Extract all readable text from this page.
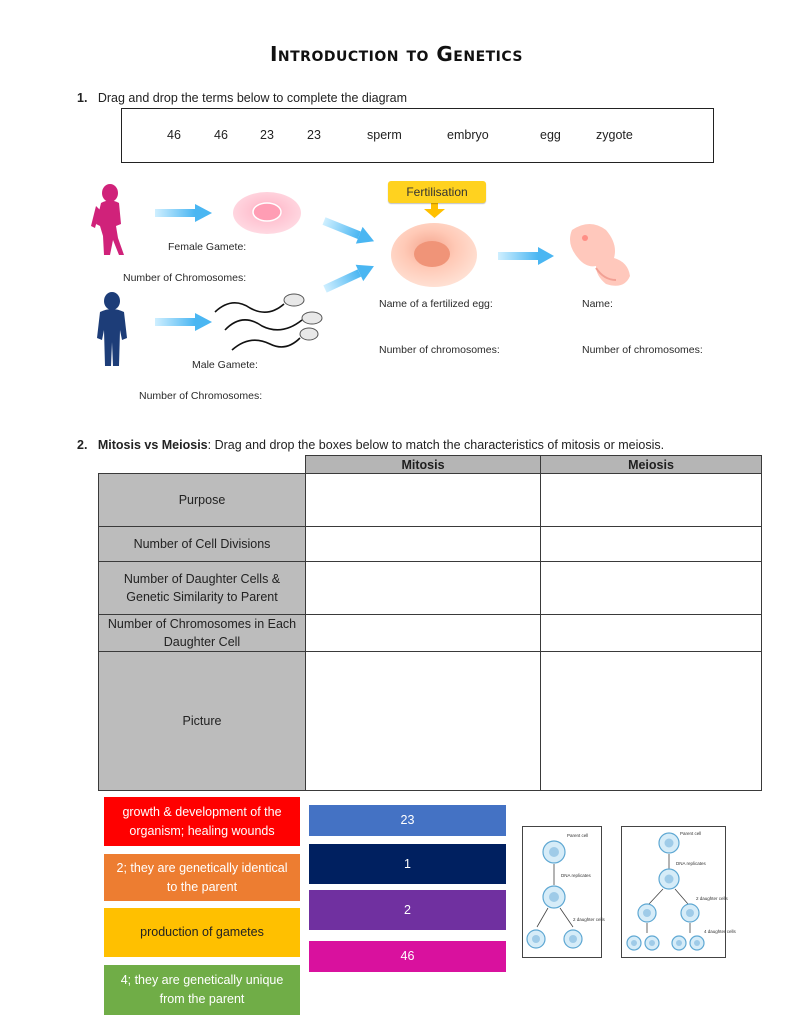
Introduction to Genetics
1. Drag and drop the terms below to complete the diagram
46	46	23	23	sperm	embryo	egg	zygote
Fertilisation
Female Gamete:
Number of Chromosomes:
Male Gamete:
Number of Chromosomes:
Name of a fertilized egg:
Number of chromosomes:
Name:
Number of chromosomes:
2. Mitosis vs Meiosis: Drag and drop the boxes below to match the characteristics of mitosis or meiosis.
	Mitosis	Meiosis
Purpose		
Number of Cell Divisions		
Number of Daughter Cells & Genetic Similarity to Parent		
Number of Chromosomes in Each Daughter Cell		
Picture		
growth & development of the organism; healing wounds
2; they are genetically identical to the parent
production of gametes
4; they are genetically unique from the parent
23
1
2
46
Parent cell
DNA replicates
2 daughter cells
Parent cell
DNA replicates
2 daughter cells
4 daughter cells
